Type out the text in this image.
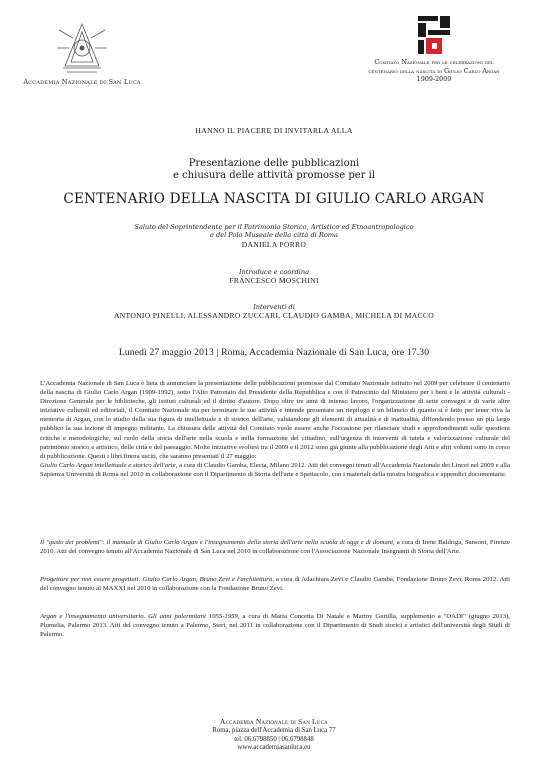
Accademia Nazionale di San Luca
Comitato Nazionale per le celebrazioni del
centenario della nascita di Giulio Carlo Argan
1909-2009
HANNO IL PIACERE DI INVITARLA ALLA
Presentazione delle pubblicazioni
e chiusura delle attività promosse per il
CENTENARIO DELLA NASCITA DI GIULIO CARLO ARGAN
Saluto del Soprintendente per il Patrimonio Storico, Artistico ed Etnoantropologico
e del Polo Museale della città di Roma
DANIELA PORRO
Introduce e coordina
FRANCESCO MOSCHINI
Interventi di
ANTONIO PINELLI, ALESSANDRO ZUCCARI, CLAUDIO GAMBA, MICHELA DI MACCO
Lunedì 27 maggio 2013 | Roma, Accademia Nazionale di San Luca, ore 17.30
L'Accademia Nazionale di San Luca è lieta di annunciare la presentazione delle pubblicazioni promosse dal Comitato Nazionale istituito nel 2009 per celebrare il centenario della nascita di Giulio Carlo Argan (1909-1992), sotto l'Alto Patronato del Presidente della Repubblica e con il Patrocinio del Ministero per i beni e le attività culturali - Direzione Generale per le biblioteche, gli istituti culturali ed il diritto d'autore. Dopo oltre tre anni di intenso lavoro, l'organizzazione di sette convegni e di varie altre iniziative culturali ed editoriali, il Comitato Nazionale sta per terminare le sue attività e intende presentare un riepilogo e un bilancio di quanto si è fatto per tener viva la memoria di Argan, con lo studio della sua figura di intellettuale e di storico dell'arte, valutandone gli elementi di attualità e di inattualità, diffondendo presso un più largo pubblico la sua lezione di impegno militante. La chiusura delle attività del Comitato vuole essere anche l'occasione per rilanciare studi e approfondimenti sulle questioni critiche e metodologiche, sul ruolo della storia dell'arte nella scuola e nella formazione del cittadino, sull'urgenza di interventi di tutela e valorizzazione culturale del patrimonio storico e artistico, delle città e del paesaggio. Molte iniziative svoltesi tra il 2009 e il 2012 sono già giunte alla pubblicazione degli Atti e altri volumi sono in corso di pubblicazione. Questi i libri finora usciti, che saranno presentati il 27 maggio:
Giulio Carlo Argan intellettuale e storico dell'arte, a cura di Claudio Gamba, Electa, Milano 2012. Atti dei convegni tenuti all'Accademia Nazionale dei Lincei nel 2009 e alla Sapienza Università di Roma nel 2010 in collaborazione con il Dipartimento di Storia dell'arte e Spettacolo, con i materiali della mostra biografica e appendici documentarie.
Il "gusto dei problemi": il manuale di Giulio Carlo Argan e l'insegnamento della storia dell'arte nella scuola di oggi e di domani, a cura di Irene Baldriga, Sansoni, Firenze 2010. Atti del convegno tenuto all'Accademia Nazionale di San Luca nel 2010 in collaborazione con l'Associazione Nazionale Insegnanti di Storia dell'Arte.
Progettare per non essere progettati: Giulio Carlo Argan, Bruno Zevi e l'architettura, a cura di Adachiara Zevi e Claudio Gamba, Fondazione Bruno Zevi, Roma 2012. Atti del convegno tenuto al MAXXI nel 2010 in collaborazione con la Fondazione Bruno Zevi.
Argan e l'insegnamento universitario. Gli anni palermitani 1955-1959, a cura di Maria Concetta Di Natale e Mariny Guttilla, supplemento a "OADI" (giugno 2013), Plumelia, Palermo 2013. Atti del convegno tenuto a Palermo, Steri, nel 2011 in collaborazione con il Dipartimento di Studi storici e artistici dell'università degli Studi di Palermo.
Accademia Nazionale di San Luca
Roma, piazza dell'Accademia di San Luca 77
tel. 06.6798850 | 06.6798848
www.accademiasanluca.eu
